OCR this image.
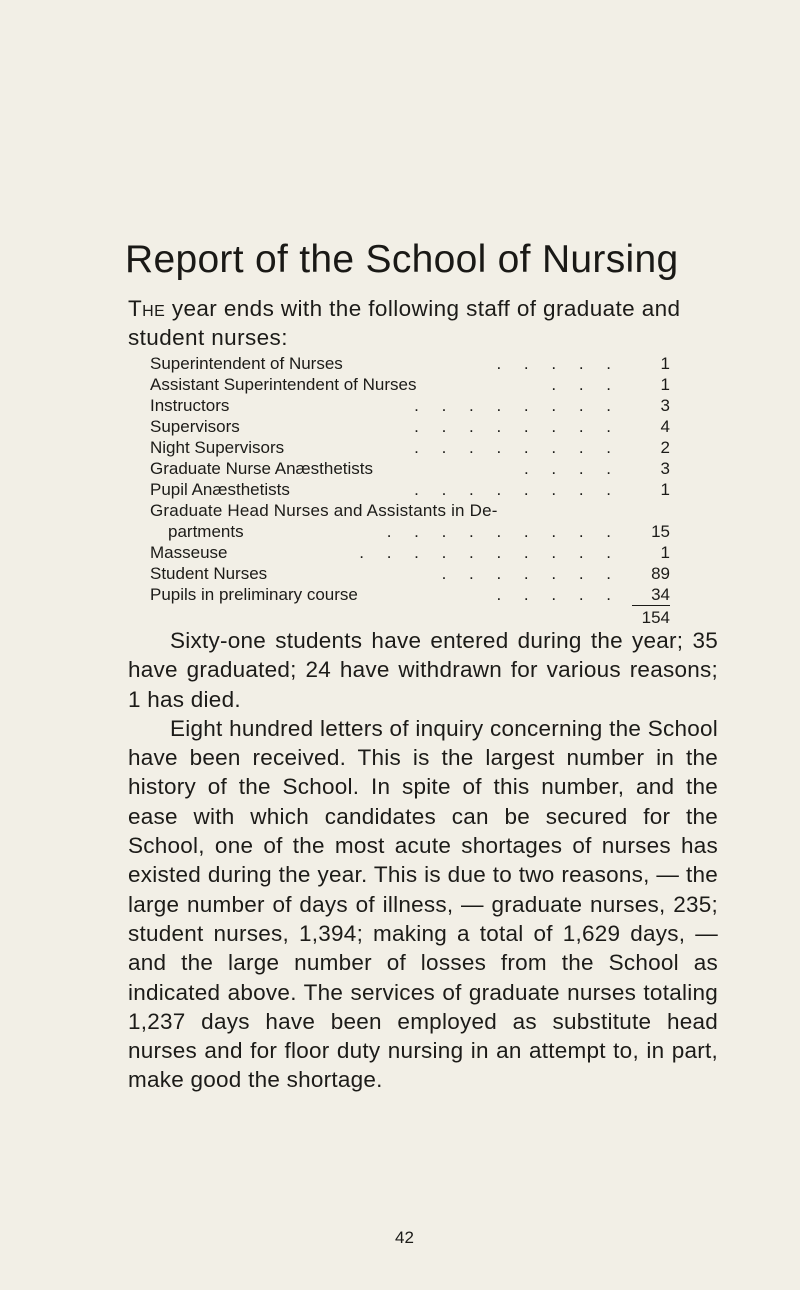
Report of the School of Nursing
The year ends with the following staff of graduate and student nurses:
. . . . .
Superintendent of Nurses	1
. . .
Assistant Superintendent of Nurses	1
. . . . . . . .
Instructors	3
. . . . . . . .
Supervisors	4
. . . . . . . .
Night Supervisors	2
. . . .
Graduate Nurse Anæsthetists	3
. . . . . . . .
Pupil Anæsthetists	1
Graduate Head Nurses and Assistants in De-
. . . . . . . . .
partments	15
. . . . . . . . . .
Masseuse	1
. . . . . . .
Student Nurses	89
. . . . .
Pupils in preliminary course	34
154

Sixty-one students have entered during the year; 35 have graduated; 24 have withdrawn for various reasons; 1 has died.

Eight hundred letters of inquiry concerning the School have been received. This is the largest number in the history of the School. In spite of this number, and the ease with which candidates can be secured for the School, one of the most acute shortages of nurses has existed during the year. This is due to two reasons, — the large number of days of illness, — graduate nurses, 235; student nurses, 1,394; making a total of 1,629 days, — and the large number of losses from the School as indicated above. The services of graduate nurses totaling 1,237 days have been employed as substitute head nurses and for floor duty nursing in an attempt to, in part, make good the shortage.

42
